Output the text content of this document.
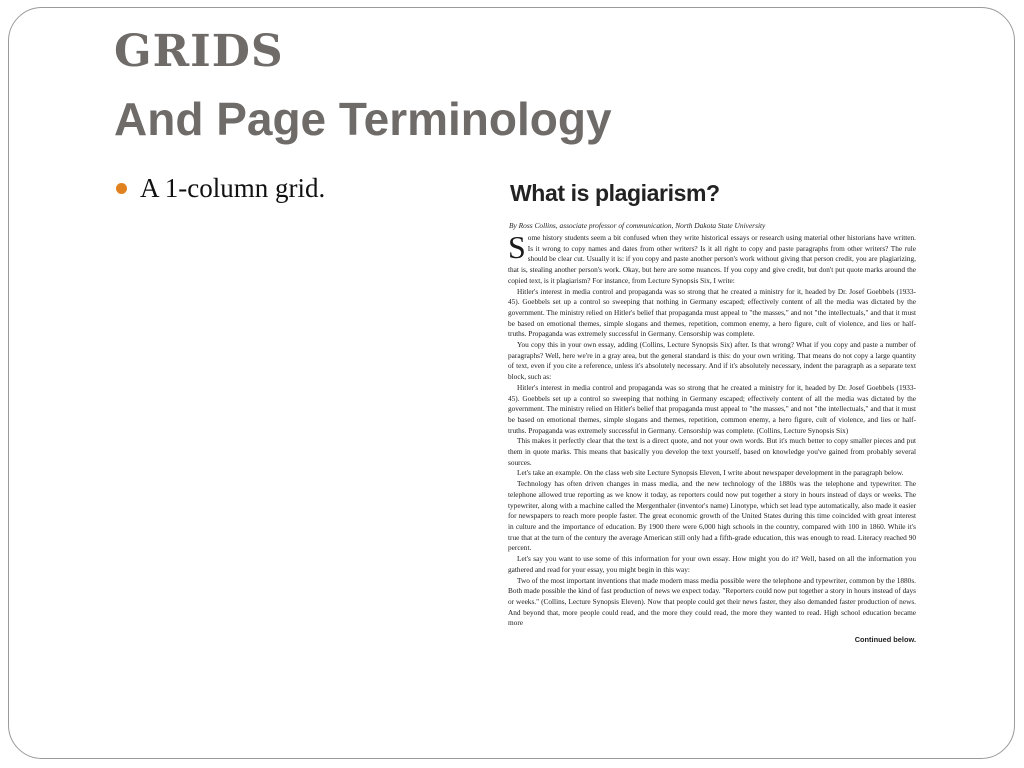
GRIDS
And Page Terminology
A 1-column grid.	What is plagiarism?
By Ross Collins, associate professor of communication, North Dakota State University

Some history students seem a bit confused when they write historical essays or research using material other historians have written. Is it wrong to copy names and dates from other writers? Is it all right to copy and paste paragraphs from other writers? The rule should be clear cut. Usually it is: if you copy and paste another person's work without giving that person credit, you are plagiarizing, that is, stealing another person's work. Okay, but here are some nuances. If you copy and give credit, but don't put quote marks around the copied text, is it plagiarism? For instance, from Lecture Synopsis Six, I write:

Hitler's interest in media control and propaganda was so strong that he created a ministry for it, headed by Dr. Josef Goebbels (1933-45). Goebbels set up a control so sweeping that nothing in Germany escaped; effectively content of all the media was dictated by the government. The ministry relied on Hitler's belief that propaganda must appeal to "the masses," and not "the intellectuals," and that it must be based on emotional themes, simple slogans and themes, repetition, common enemy, a hero figure, cult of violence, and lies or half-truths. Propaganda was extremely successful in Germany. Censorship was complete.

You copy this in your own essay, adding (Collins, Lecture Synopsis Six) after. Is that wrong? What if you copy and paste a number of paragraphs? Well, here we're in a gray area, but the general standard is this: do your own writing. That means do not copy a large quantity of text, even if you cite a reference, unless it's absolutely necessary. And if it's absolutely necessary, indent the paragraph as a separate text block, such as:

Hitler's interest in media control and propaganda was so strong that he created a ministry for it, headed by Dr. Josef Goebbels (1933-45). Goebbels set up a control so sweeping that nothing in Germany escaped; effectively content of all the media was dictated by the government. The ministry relied on Hitler's belief that propaganda must appeal to "the masses," and not "the intellectuals," and that it must be based on emotional themes, simple slogans and themes, repetition, common enemy, a hero figure, cult of violence, and lies or half-truths. Propaganda was extremely successful in Germany. Censorship was complete. (Collins, Lecture Synopsis Six)

This makes it perfectly clear that the text is a direct quote, and not your own words. But it's much better to copy smaller pieces and put them in quote marks. This means that basically you develop the text yourself, based on knowledge you've gained from probably several sources.

Let's take an example. On the class web site Lecture Synopsis Eleven, I write about newspaper development in the paragraph below.

Technology has often driven changes in mass media, and the new technology of the 1880s was the telephone and typewriter. The telephone allowed true reporting as we know it today, as reporters could now put together a story in hours instead of days or weeks. The typewriter, along with a machine called the Mergenthaler (inventor's name) Linotype, which set lead type automatically, also made it easier for newspapers to reach more people faster. The great economic growth of the United States during this time coincided with great interest in culture and the importance of education. By 1900 there were 6,000 high schools in the country, compared with 100 in 1860. While it's true that at the turn of the century the average American still only had a fifth-grade education, this was enough to read. Literacy reached 90 percent.

Let's say you want to use some of this information for your own essay. How might you do it? Well, based on all the information you gathered and read for your essay, you might begin in this way:

Two of the most important inventions that made modern mass media possible were the telephone and typewriter, common by the 1880s. Both made possible the kind of fast production of news we expect today. "Reporters could now put together a story in hours instead of days or weeks." (Collins, Lecture Synopsis Eleven). Now that people could get their news faster, they also demanded faster production of news. And beyond that, more people could read, and the more they could read, the more they wanted to read. High school education became more

Continued below.
